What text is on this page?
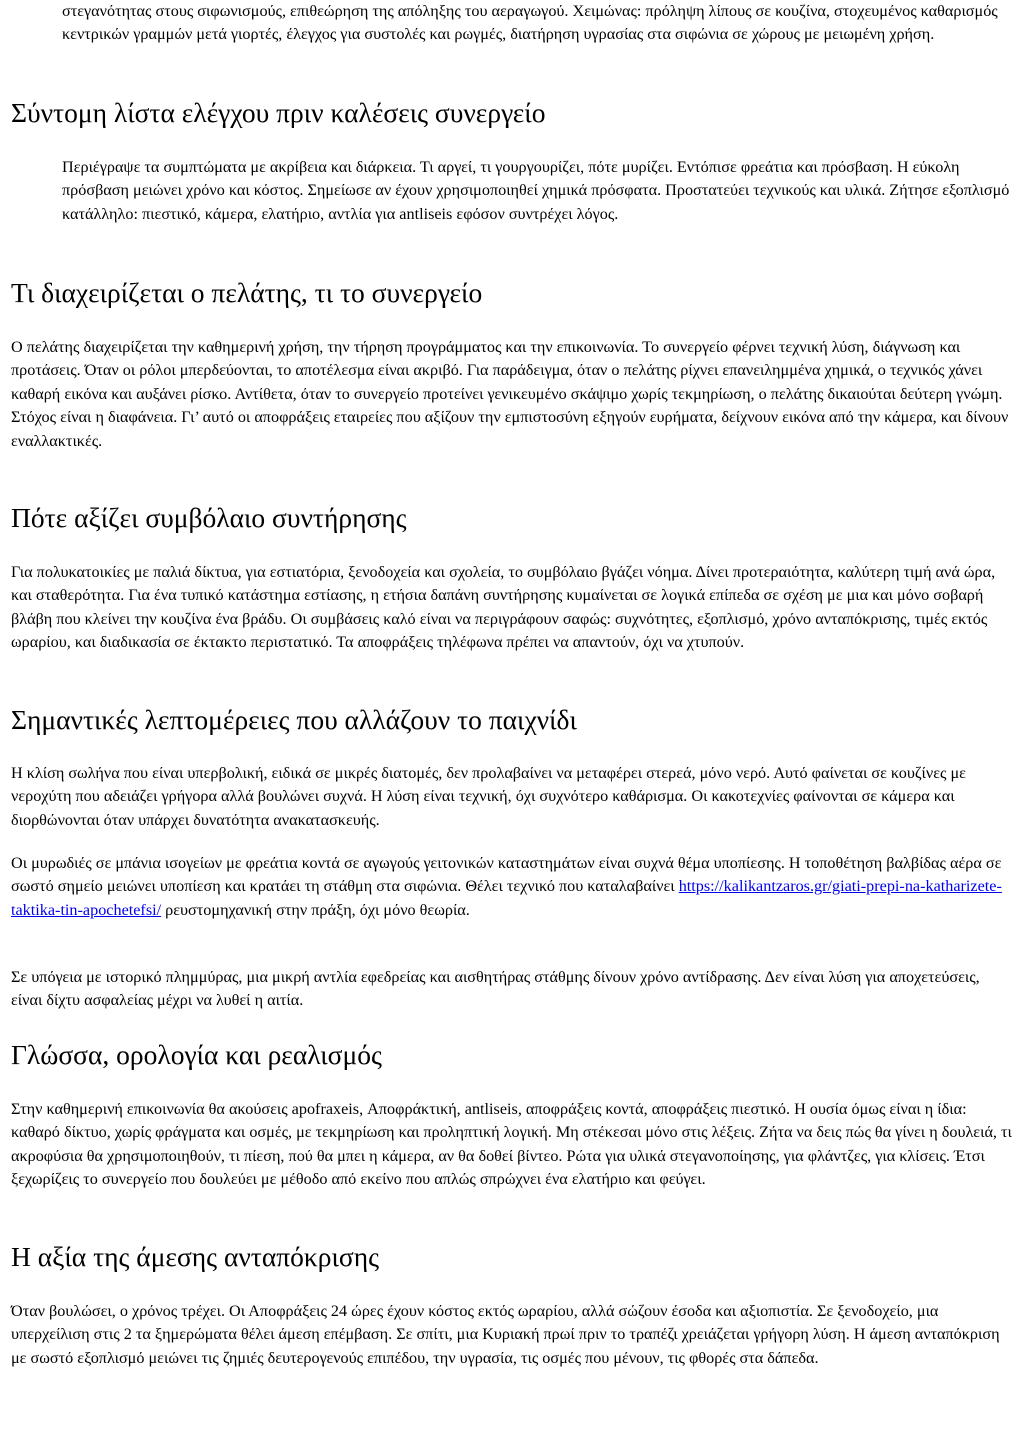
στεγανότητας στους σιφωνισμούς, επιθεώρηση της απόληξης του αεραγωγού. Χειμώνας: πρόληψη λίπους σε κουζίνα, στοχευμένος καθαρισμός κεντρικών γραμμών μετά γιορτές, έλεγχος για συστολές και ρωγμές, διατήρηση υγρασίας στα σιφώνια σε χώρους με μειωμένη χρήση.

Σύντομη λίστα ελέγχου πριν καλέσεις συνεργείο

Περιέγραψε τα συμπτώματα με ακρίβεια και διάρκεια. Τι αργεί, τι γουργουρίζει, πότε μυρίζει. Εντόπισε φρεάτια και πρόσβαση. Η εύκολη πρόσβαση μειώνει χρόνο και κόστος. Σημείωσε αν έχουν χρησιμοποιηθεί χημικά πρόσφατα. Προστατεύει τεχνικούς και υλικά. Ζήτησε εξοπλισμό κατάλληλο: πιεστικό, κάμερα, ελατήριο, αντλία για antliseis εφόσον συντρέχει λόγος.

Τι διαχειρίζεται ο πελάτης, τι το συνεργείο

Ο πελάτης διαχειρίζεται την καθημερινή χρήση, την τήρηση προγράμματος και την επικοινωνία. Το συνεργείο φέρνει τεχνική λύση, διάγνωση και προτάσεις. Όταν οι ρόλοι μπερδεύονται, το αποτέλεσμα είναι ακριβό. Για παράδειγμα, όταν ο πελάτης ρίχνει επανειλημμένα χημικά, ο τεχνικός χάνει καθαρή εικόνα και αυξάνει ρίσκο. Αντίθετα, όταν το συνεργείο προτείνει γενικευμένο σκάψιμο χωρίς τεκμηρίωση, ο πελάτης δικαιούται δεύτερη γνώμη. Στόχος είναι η διαφάνεια. Γι’ αυτό οι αποφράξεις εταιρείες που αξίζουν την εμπιστοσύνη εξηγούν ευρήματα, δείχνουν εικόνα από την κάμερα, και δίνουν εναλλακτικές.

Πότε αξίζει συμβόλαιο συντήρησης

Για πολυκατοικίες με παλιά δίκτυα, για εστιατόρια, ξενοδοχεία και σχολεία, το συμβόλαιο βγάζει νόημα. Δίνει προτεραιότητα, καλύτερη τιμή ανά ώρα, και σταθερότητα. Για ένα τυπικό κατάστημα εστίασης, η ετήσια δαπάνη συντήρησης κυμαίνεται σε λογικά επίπεδα σε σχέση με μια και μόνο σοβαρή βλάβη που κλείνει την κουζίνα ένα βράδυ. Οι συμβάσεις καλό είναι να περιγράφουν σαφώς: συχνότητες, εξοπλισμό, χρόνο ανταπόκρισης, τιμές εκτός ωραρίου, και διαδικασία σε έκτακτο περιστατικό. Τα αποφράξεις τηλέφωνα πρέπει να απαντούν, όχι να χτυπούν.

Σημαντικές λεπτομέρειες που αλλάζουν το παιχνίδι

Η κλίση σωλήνα που είναι υπερβολική, ειδικά σε μικρές διατομές, δεν προλαβαίνει να μεταφέρει στερεά, μόνο νερό. Αυτό φαίνεται σε κουζίνες με νεροχύτη που αδειάζει γρήγορα αλλά βουλώνει συχνά. Η λύση είναι τεχνική, όχι συχνότερο καθάρισμα. Οι κακοτεχνίες φαίνονται σε κάμερα και διορθώνονται όταν υπάρχει δυνατότητα ανακατασκευής.

Οι μυρωδιές σε μπάνια ισογείων με φρεάτια κοντά σε αγωγούς γειτονικών καταστημάτων είναι συχνά θέμα υποπίεσης. Η τοποθέτηση βαλβίδας αέρα σε σωστό σημείο μειώνει υποπίεση και κρατάει τη στάθμη στα σιφώνια. Θέλει τεχνικό που καταλαβαίνει https://kalikantzaros.gr/giati-prepi-na-katharizete-taktika-tin-apochetefsi/ ρευστομηχανική στην πράξη, όχι μόνο θεωρία.

Σε υπόγεια με ιστορικό πλημμύρας, μια μικρή αντλία εφεδρείας και αισθητήρας στάθμης δίνουν χρόνο αντίδρασης. Δεν είναι λύση για αποχετεύσεις, είναι δίχτυ ασφαλείας μέχρι να λυθεί η αιτία.

Γλώσσα, ορολογία και ρεαλισμός

Στην καθημερινή επικοινωνία θα ακούσεις apofraxeis, Αποφράκτική, antliseis, αποφράξεις κοντά, αποφράξεις πιεστικό. Η ουσία όμως είναι η ίδια: καθαρό δίκτυο, χωρίς φράγματα και οσμές, με τεκμηρίωση και προληπτική λογική. Μη στέκεσαι μόνο στις λέξεις. Ζήτα να δεις πώς θα γίνει η δουλειά, τι ακροφύσια θα χρησιμοποιηθούν, τι πίεση, πού θα μπει η κάμερα, αν θα δοθεί βίντεο. Ρώτα για υλικά στεγανοποίησης, για φλάντζες, για κλίσεις. Έτσι ξεχωρίζεις το συνεργείο που δουλεύει με μέθοδο από εκείνο που απλώς σπρώχνει ένα ελατήριο και φεύγει.

Η αξία της άμεσης ανταπόκρισης

Όταν βουλώσει, ο χρόνος τρέχει. Οι Αποφράξεις 24 ώρες έχουν κόστος εκτός ωραρίου, αλλά σώζουν έσοδα και αξιοπιστία. Σε ξενοδοχείο, μια υπερχείλιση στις 2 τα ξημερώματα θέλει άμεση επέμβαση. Σε σπίτι, μια Κυριακή πρωί πριν το τραπέζι χρειάζεται γρήγορη λύση. Η άμεση ανταπόκριση με σωστό εξοπλισμό μειώνει τις ζημιές δευτερογενούς επιπέδου, την υγρασία, τις οσμές που μένουν, τις φθορές στα δάπεδα.
